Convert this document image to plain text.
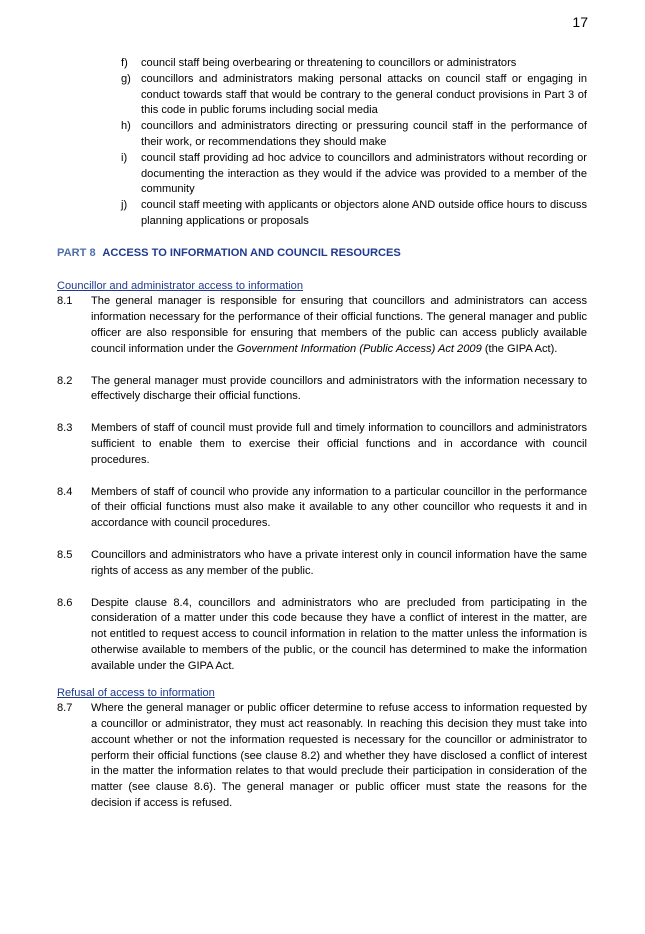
17
f)	council staff being overbearing or threatening to councillors or administrators
g) councillors and administrators making personal attacks on council staff or engaging in conduct towards staff that would be contrary to the general conduct provisions in Part 3 of this code in public forums including social media
h) councillors and administrators directing or pressuring council staff in the performance of their work, or recommendations they should make
i)	council staff providing ad hoc advice to councillors and administrators without recording or documenting the interaction as they would if the advice was provided to a member of the community
j)	council staff meeting with applicants or objectors alone AND outside office hours to discuss planning applications or proposals
PART 8 ACCESS TO INFORMATION AND COUNCIL RESOURCES
Councillor and administrator access to information
8.1	The general manager is responsible for ensuring that councillors and administrators can access information necessary for the performance of their official functions. The general manager and public officer are also responsible for ensuring that members of the public can access publicly available council information under the Government Information (Public Access) Act 2009 (the GIPA Act).
8.2	The general manager must provide councillors and administrators with the information necessary to effectively discharge their official functions.
8.3	Members of staff of council must provide full and timely information to councillors and administrators sufficient to enable them to exercise their official functions and in accordance with council procedures.
8.4	Members of staff of council who provide any information to a particular councillor in the performance of their official functions must also make it available to any other councillor who requests it and in accordance with council procedures.
8.5	Councillors and administrators who have a private interest only in council information have the same rights of access as any member of the public.
8.6	Despite clause 8.4, councillors and administrators who are precluded from participating in the consideration of a matter under this code because they have a conflict of interest in the matter, are not entitled to request access to council information in relation to the matter unless the information is otherwise available to members of the public, or the council has determined to make the information available under the GIPA Act.
Refusal of access to information
8.7	Where the general manager or public officer determine to refuse access to information requested by a councillor or administrator, they must act reasonably. In reaching this decision they must take into account whether or not the information requested is necessary for the councillor or administrator to perform their official functions (see clause 8.2) and whether they have disclosed a conflict of interest in the matter the information relates to that would preclude their participation in consideration of the matter (see clause 8.6). The general manager or public officer must state the reasons for the decision if access is refused.
